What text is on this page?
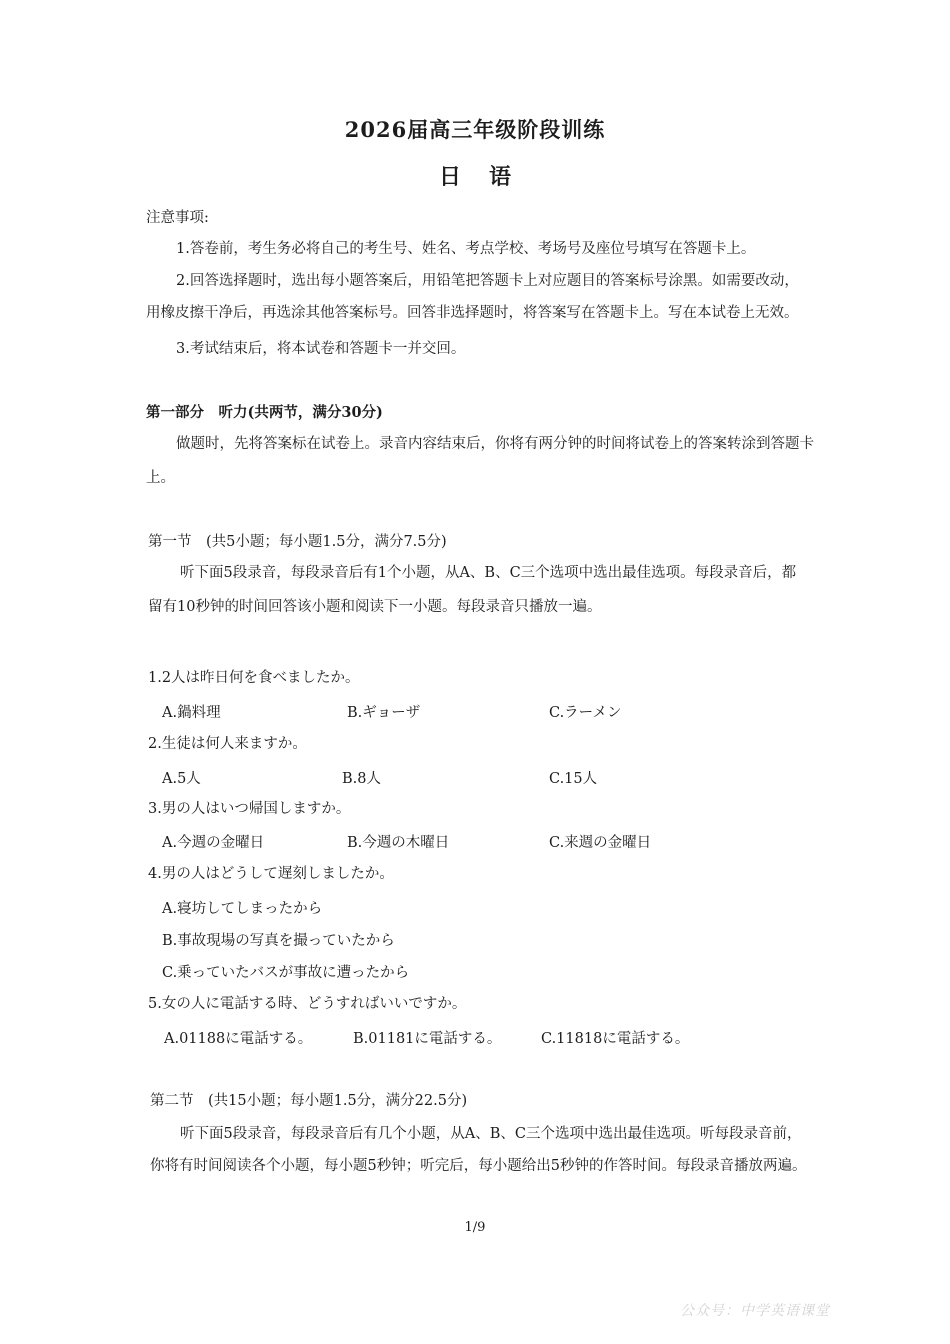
2026届高三年级阶段训练
日语
注意事项:
1.答卷前，考生务必将自己的考生号、姓名、考点学校、考场号及座位号填写在答题卡上。
2.回答选择题时，选出每小题答案后，用铅笔把答题卡上对应题目的答案标号涂黑。如需要改动，
用橡皮擦干净后，再选涂其他答案标号。回答非选择题时，将答案写在答题卡上。写在本试卷上无效。
3.考试结束后，将本试卷和答题卡一并交回。
第一部分　听力(共两节，满分30分)
做题时，先将答案标在试卷上。录音内容结束后，你将有两分钟的时间将试卷上的答案转涂到答题卡
上。
第一节　(共5小题；每小题1.5分，满分7.5分)
听下面5段录音，每段录音后有1个小题，从A、B、C三个选项中选出最佳选项。每段录音后，都
留有10秒钟的时间回答该小题和阅读下一小题。每段录音只播放一遍。
1.2人は昨日何を食べましたか。
A.鍋料理	B.ギョーザ	C.ラーメン
2.生徒は何人来ますか。
A.5人	B.8人	C.15人
3.男の人はいつ帰国しますか。
A.今週の金曜日	B.今週の木曜日	C.来週の金曜日
4.男の人はどうして遅刻しましたか。
A.寝坊してしまったから
B.事故現場の写真を撮っていたから
C.乗っていたバスが事故に遭ったから
5.女の人に電話する時、どうすればいいですか。
A.01188に電話する。	B.01181に電話する。	C.11818に電話する。
第二节　(共15小题；每小题1.5分，满分22.5分)
听下面5段录音，每段录音后有几个小题，从A、B、C三个选项中选出最佳选项。听每段录音前，
你将有时间阅读各个小题，每小题5秒钟；听完后，每小题给出5秒钟的作答时间。每段录音播放两遍。
1/9
公众号：中学英语课堂
